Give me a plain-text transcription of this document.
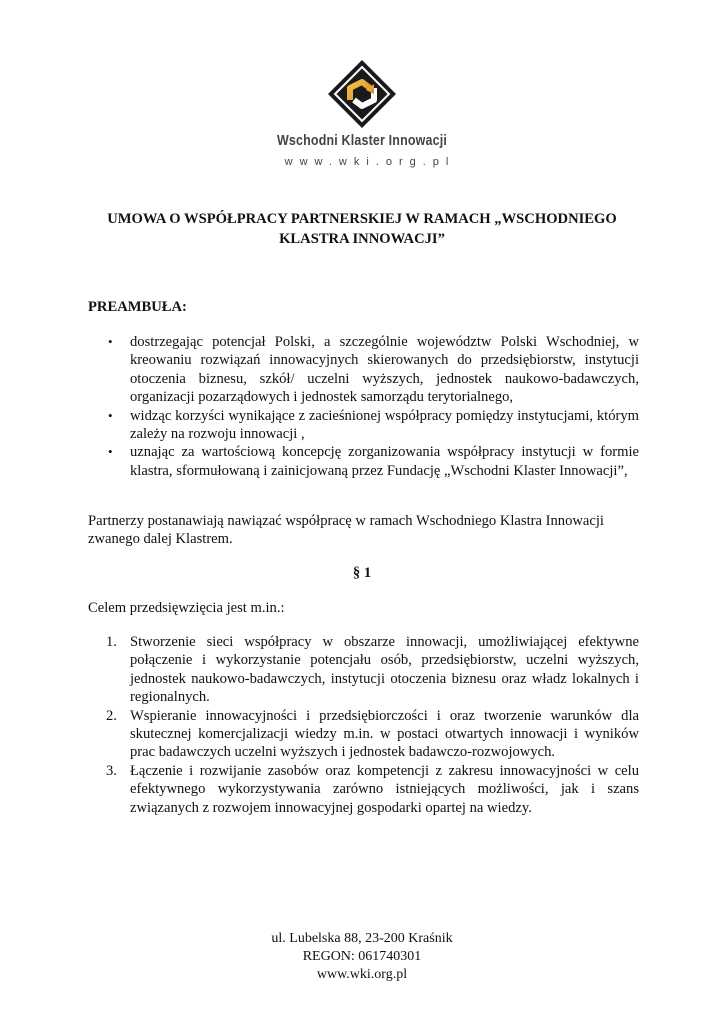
Wschodni Klaster Innowacji
www.wki.org.pl
UMOWA O WSPÓŁPRACY PARTNERSKIEJ W RAMACH „WSCHODNIEGO KLASTRA INNOWACJI”
PREAMBUŁA:
• dostrzegając potencjał Polski, a szczególnie województw Polski Wschodniej, w kreowaniu rozwiązań innowacyjnych skierowanych do przedsiębiorstw, instytucji otoczenia biznesu, szkół/ uczelni wyższych, jednostek naukowo-badawczych, organizacji pozarządowych i jednostek samorządu terytorialnego,
• widząc korzyści wynikające z zacieśnionej współpracy pomiędzy instytucjami, którym zależy na rozwoju innowacji ,
• uznając za wartościową koncepcję zorganizowania współpracy instytucji w formie klastra, sformułowaną i zainicjowaną przez Fundację „Wschodni Klaster Innowacji”,

Partnerzy postanawiają nawiązać współpracę w ramach Wschodniego Klastra Innowacji zwanego dalej Klastrem.

§ 1

Celem przedsięwzięcia jest m.in.:

1. Stworzenie sieci współpracy w obszarze innowacji, umożliwiającej efektywne połączenie i wykorzystanie potencjału osób, przedsiębiorstw, uczelni wyższych, jednostek naukowo-badawczych, instytucji otoczenia biznesu oraz władz lokalnych i regionalnych.
2. Wspieranie innowacyjności i przedsiębiorczości i oraz tworzenie warunków dla skutecznej komercjalizacji wiedzy m.in. w postaci otwartych innowacji i wyników prac badawczych uczelni wyższych i jednostek badawczo-rozwojowych.
3. Łączenie i rozwijanie zasobów oraz kompetencji z zakresu innowacyjności w celu efektywnego wykorzystywania zarówno istniejących możliwości, jak i szans związanych z rozwojem innowacyjnej gospodarki opartej na wiedzy.
ul. Lubelska 88, 23-200 Kraśnik
REGON: 061740301
www.wki.org.pl
